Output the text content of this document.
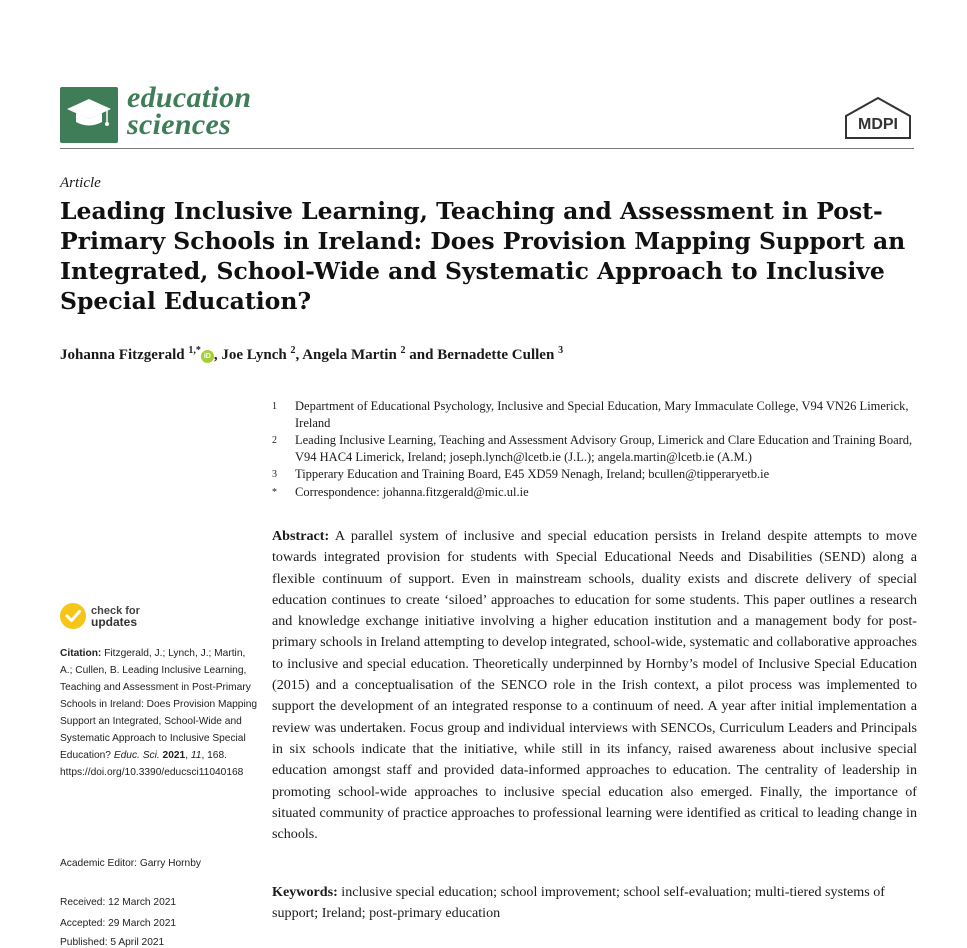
education
sciences	MDPI
Article
Leading Inclusive Learning, Teaching and Assessment in Post-Primary Schools in Ireland: Does Provision Mapping Support an Integrated, School-Wide and Systematic Approach to Inclusive Special Education?
Johanna Fitzgerald $^{1,*}$iD , Joe Lynch $^2$, Angela Martin $^2$ and Bernadette Cullen $^3$
1 Department of Educational Psychology, Inclusive and Special Education, Mary Immaculate College, V94 VN26 Limerick, Ireland
2 Leading Inclusive Learning, Teaching and Assessment Advisory Group, Limerick and Clare Education and Training Board, V94 HAC4 Limerick, Ireland; joseph.lynch@lcetb.ie (J.L.); angela.martin@lcetb.ie (A.M.)
3 Tipperary Education and Training Board, E45 XD59 Nenagh, Ireland; bcullen@tipperaryetb.ie
* Correspondence: johanna.fitzgerald@mic.ul.ie
Abstract: A parallel system of inclusive and special education persists in Ireland despite attempts to move towards integrated provision for students with Special Educational Needs and Disabilities (SEND) along a flexible continuum of support. Even in mainstream schools, duality exists and discrete delivery of special education continues to create ‘siloed’ approaches to education for some students. This paper outlines a research and knowledge exchange initiative involving a higher education institution and a management body for post-primary schools in Ireland attempting to develop integrated, school-wide, systematic and collaborative approaches to inclusive and special education. Theoretically underpinned by Hornby’s model of Inclusive Special Education (2015) and a conceptualisation of the SENCO role in the Irish context, a pilot process was implemented to support the development of an integrated response to a continuum of need. A year after initial implementation a review was undertaken. Focus group and individual interviews with SENCOs, Curriculum Leaders and Principals in six schools indicate that the initiative, while still in its infancy, raised awareness about inclusive special education amongst staff and provided data-informed approaches to education. The centrality of leadership in promoting school-wide approaches to inclusive special education also emerged. Finally, the importance of situated community of practice approaches to professional learning were identified as critical to leading change in schools.
Keywords: inclusive special education; school improvement; school self-evaluation; multi-tiered systems of support; Ireland; post-primary education
check for
updates
Citation: Fitzgerald, J.; Lynch, J.; Martin, A.; Cullen, B. Leading Inclusive Learning, Teaching and Assessment in Post-Primary Schools in Ireland: Does Provision Mapping Support an Integrated, School-Wide and Systematic Approach to Inclusive Special Education? Educ. Sci. 2021, 11, 168. https://doi.org/10.3390/educsci11040168
Academic Editor: Garry Hornby
Received: 12 March 2021
Accepted: 29 March 2021
Published: 5 April 2021
